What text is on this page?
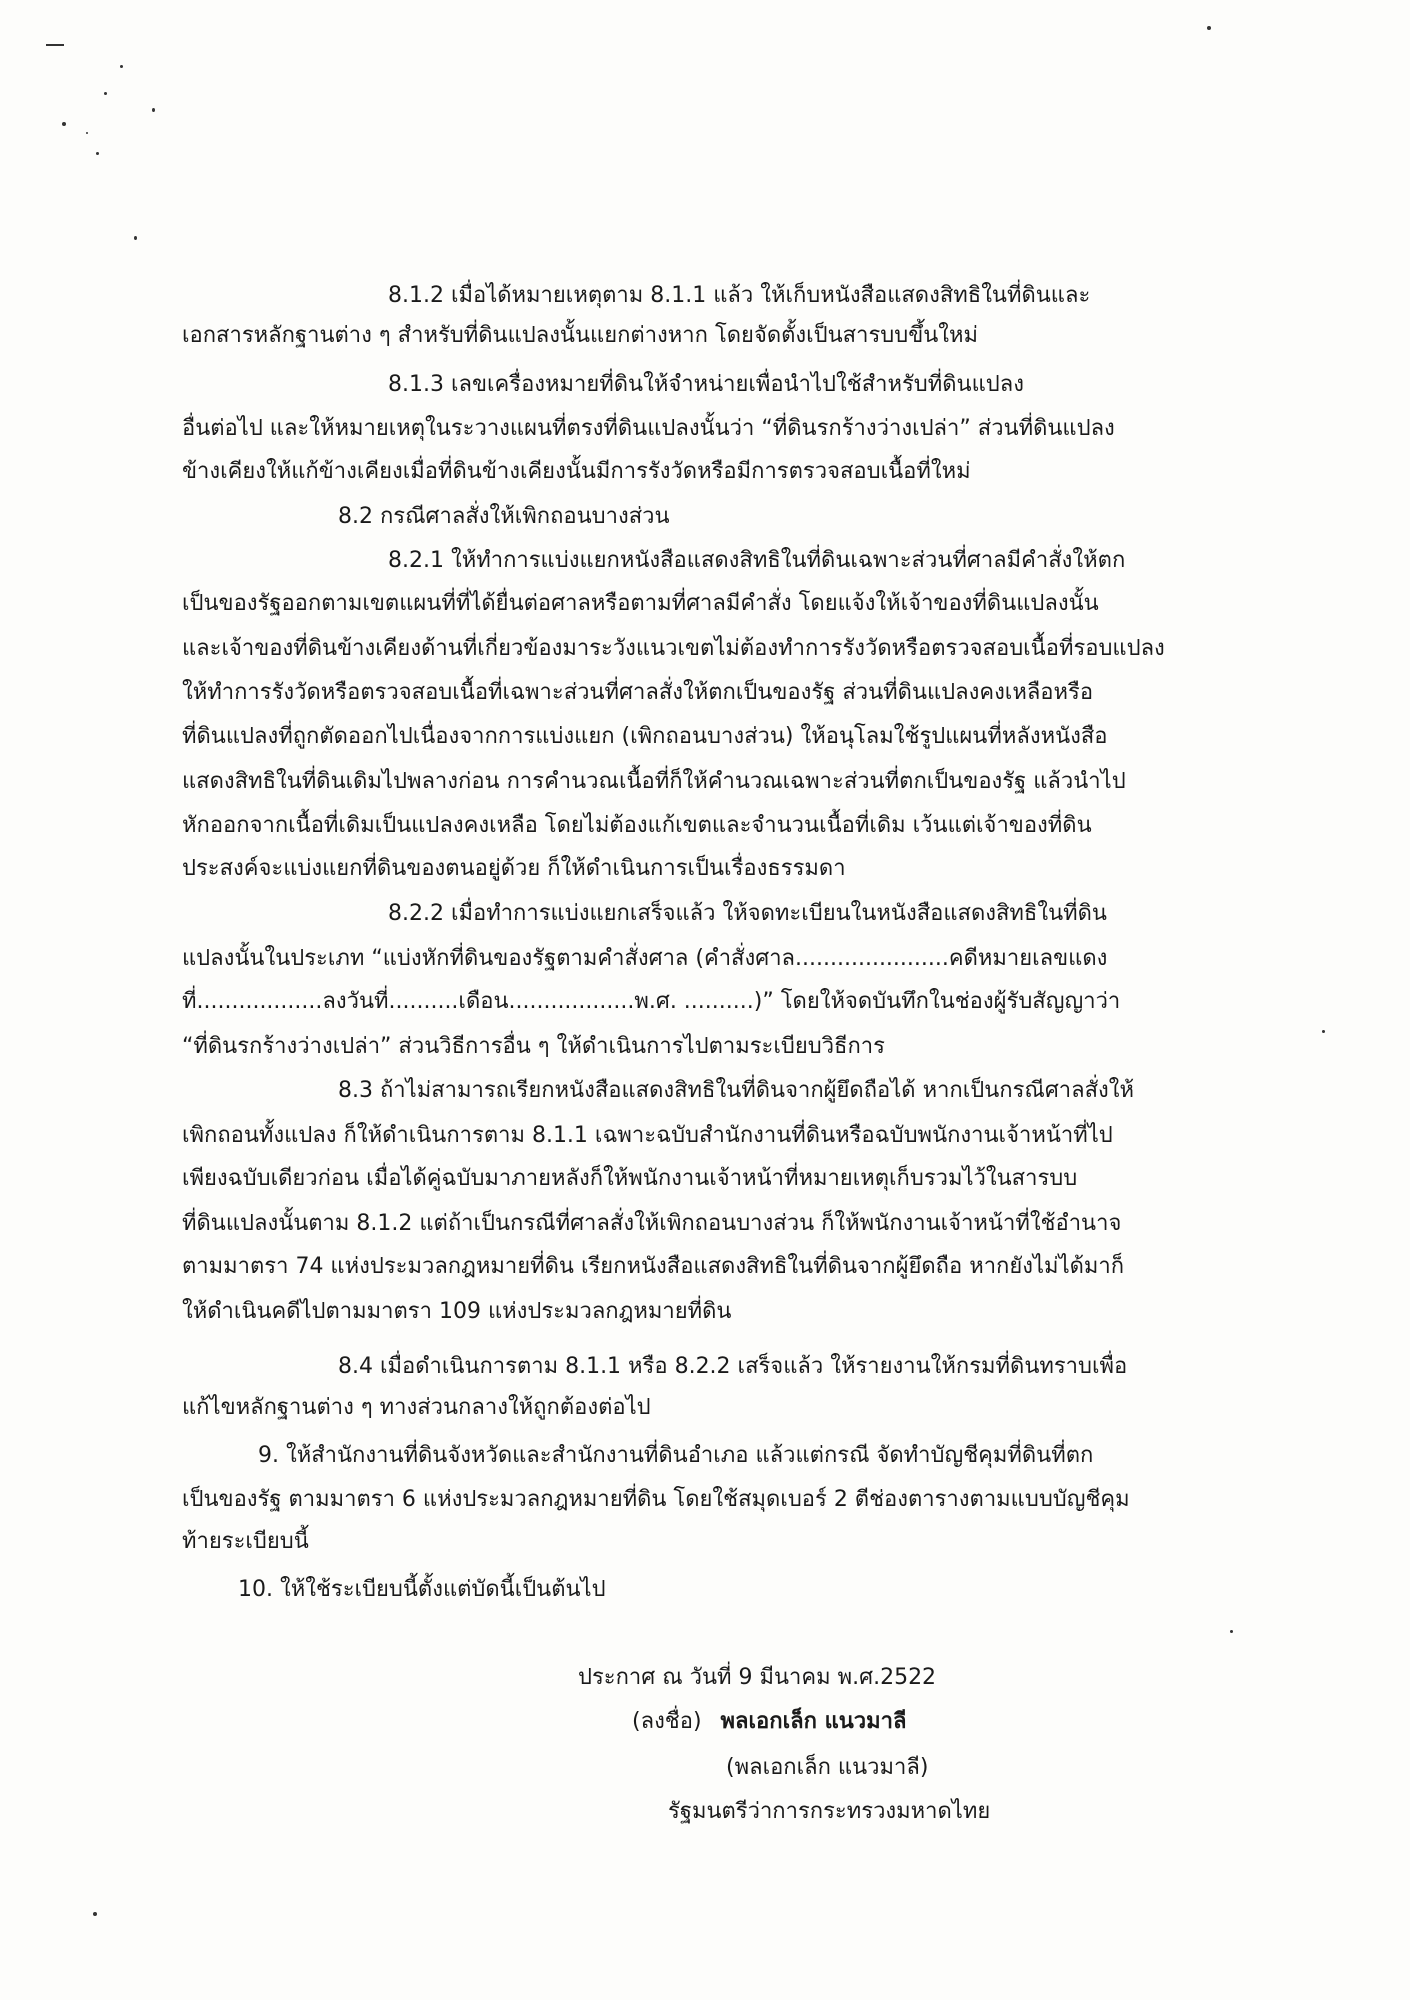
8.1.2 เมื่อได้หมายเหตุตาม 8.1.1 แล้ว ให้เก็บหนังสือแสดงสิทธิในที่ดินและ
เอกสารหลักฐานต่าง ๆ สำหรับที่ดินแปลงนั้นแยกต่างหาก โดยจัดตั้งเป็นสารบบขึ้นใหม่
8.1.3 เลขเครื่องหมายที่ดินให้จำหน่ายเพื่อนำไปใช้สำหรับที่ดินแปลง
อื่นต่อไป และให้หมายเหตุในระวางแผนที่ตรงที่ดินแปลงนั้นว่า “ที่ดินรกร้างว่างเปล่า” ส่วนที่ดินแปลง
ข้างเคียงให้แก้ข้างเคียงเมื่อที่ดินข้างเคียงนั้นมีการรังวัดหรือมีการตรวจสอบเนื้อที่ใหม่
8.2 กรณีศาลสั่งให้เพิกถอนบางส่วน
8.2.1 ให้ทำการแบ่งแยกหนังสือแสดงสิทธิในที่ดินเฉพาะส่วนที่ศาลมีคำสั่งให้ตก
เป็นของรัฐออกตามเขตแผนที่ที่ได้ยื่นต่อศาลหรือตามที่ศาลมีคำสั่ง โดยแจ้งให้เจ้าของที่ดินแปลงนั้น
และเจ้าของที่ดินข้างเคียงด้านที่เกี่ยวข้องมาระวังแนวเขตไม่ต้องทำการรังวัดหรือตรวจสอบเนื้อที่รอบแปลง
ให้ทำการรังวัดหรือตรวจสอบเนื้อที่เฉพาะส่วนที่ศาลสั่งให้ตกเป็นของรัฐ ส่วนที่ดินแปลงคงเหลือหรือ
ที่ดินแปลงที่ถูกตัดออกไปเนื่องจากการแบ่งแยก (เพิกถอนบางส่วน) ให้อนุโลมใช้รูปแผนที่หลังหนังสือ
แสดงสิทธิในที่ดินเดิมไปพลางก่อน การคำนวณเนื้อที่ก็ให้คำนวณเฉพาะส่วนที่ตกเป็นของรัฐ แล้วนำไป
หักออกจากเนื้อที่เดิมเป็นแปลงคงเหลือ โดยไม่ต้องแก้เขตและจำนวนเนื้อที่เดิม เว้นแต่เจ้าของที่ดิน
ประสงค์จะแบ่งแยกที่ดินของตนอยู่ด้วย ก็ให้ดำเนินการเป็นเรื่องธรรมดา
8.2.2 เมื่อทำการแบ่งแยกเสร็จแล้ว ให้จดทะเบียนในหนังสือแสดงสิทธิในที่ดิน
แปลงนั้นในประเภท “แบ่งหักที่ดินของรัฐตามคำสั่งศาล (คำสั่งศาล......................คดีหมายเลขแดง
ที่..................ลงวันที่..........เดือน..................พ.ศ. ..........)” โดยให้จดบันทึกในช่องผู้รับสัญญาว่า
“ที่ดินรกร้างว่างเปล่า” ส่วนวิธีการอื่น ๆ ให้ดำเนินการไปตามระเบียบวิธีการ
8.3 ถ้าไม่สามารถเรียกหนังสือแสดงสิทธิในที่ดินจากผู้ยึดถือได้ หากเป็นกรณีศาลสั่งให้
เพิกถอนทั้งแปลง ก็ให้ดำเนินการตาม 8.1.1 เฉพาะฉบับสำนักงานที่ดินหรือฉบับพนักงานเจ้าหน้าที่ไป
เพียงฉบับเดียวก่อน เมื่อได้คู่ฉบับมาภายหลังก็ให้พนักงานเจ้าหน้าที่หมายเหตุเก็บรวมไว้ในสารบบ
ที่ดินแปลงนั้นตาม 8.1.2 แต่ถ้าเป็นกรณีที่ศาลสั่งให้เพิกถอนบางส่วน ก็ให้พนักงานเจ้าหน้าที่ใช้อำนาจ
ตามมาตรา 74 แห่งประมวลกฎหมายที่ดิน เรียกหนังสือแสดงสิทธิในที่ดินจากผู้ยึดถือ หากยังไม่ได้มาก็
ให้ดำเนินคดีไปตามมาตรา 109 แห่งประมวลกฎหมายที่ดิน
8.4 เมื่อดำเนินการตาม 8.1.1 หรือ 8.2.2 เสร็จแล้ว ให้รายงานให้กรมที่ดินทราบเพื่อ
แก้ไขหลักฐานต่าง ๆ ทางส่วนกลางให้ถูกต้องต่อไป
9. ให้สำนักงานที่ดินจังหวัดและสำนักงานที่ดินอำเภอ แล้วแต่กรณี จัดทำบัญชีคุมที่ดินที่ตก
เป็นของรัฐ ตามมาตรา 6 แห่งประมวลกฎหมายที่ดิน โดยใช้สมุดเบอร์ 2 ตีช่องตารางตามแบบบัญชีคุม
ท้ายระเบียบนี้
10. ให้ใช้ระเบียบนี้ตั้งแต่บัดนี้เป็นต้นไป
ประกาศ ณ วันที่ 9 มีนาคม พ.ศ.2522
(ลงชื่อ) พลเอกเล็ก แนวมาลี
(พลเอกเล็ก แนวมาลี)
รัฐมนตรีว่าการกระทรวงมหาดไทย
